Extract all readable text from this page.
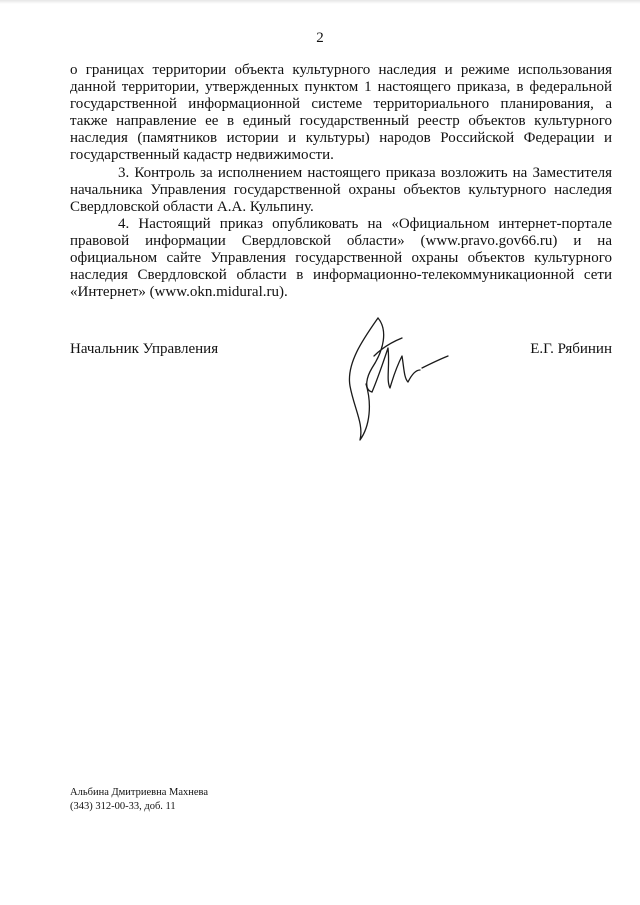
2

о границах территории объекта культурного наследия и режиме использования данной территории, утвержденных пунктом 1 настоящего приказа, в федеральной государственной информационной системе территориального планирования, а также направление ее в единый государственный реестр объектов культурного наследия (памятников истории и культуры) народов Российской Федерации и государственный кадастр недвижимости.

3. Контроль за исполнением настоящего приказа возложить на Заместителя начальника Управления государственной охраны объектов культурного наследия Свердловской области А.А. Кульпину.

4. Настоящий приказ опубликовать на «Официальном интернет-портале правовой информации Свердловской области» (www.pravo.gov66.ru) и на официальном сайте Управления государственной охраны объектов культурного наследия Свердловской области в информационно-телекоммуникационной сети «Интернет» (www.okn.midural.ru).

Начальник Управления	Е.Г. Рябинин
Альбина Дмитриевна Махнева
(343) 312-00-33, доб. 11
